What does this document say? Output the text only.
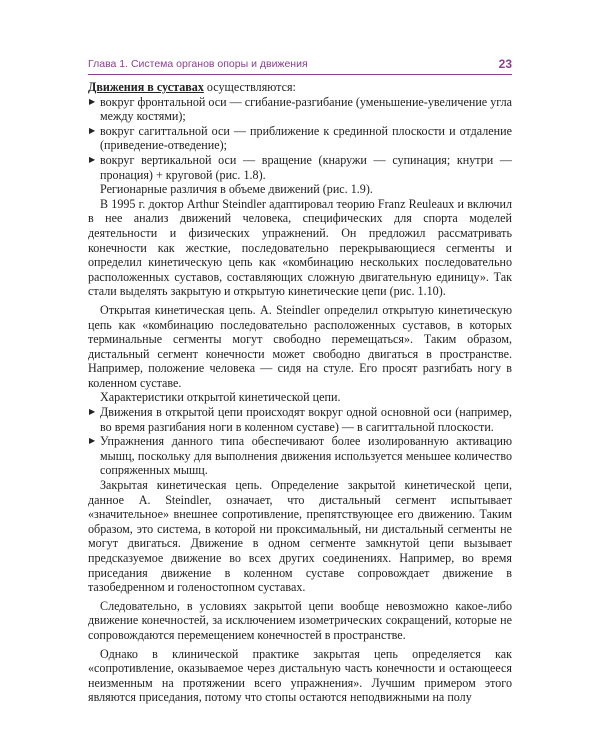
Глава 1. Система органов опоры и движения	23

Движения в суставах осуществляются:

▶ вокруг фронтальной оси — сгибание-разгибание (уменьшение-увеличение угла между костями);
▶ вокруг сагиттальной оси — приближение к срединной плоскости и отдаление (приведение-отведение);
▶ вокруг вертикальной оси — вращение (кнаружи — супинация; кнутри — пронация) + круговой (рис. 1.8).

Регионарные различия в объеме движений (рис. 1.9).

В 1995 г. доктор Arthur Steindler адаптировал теорию Franz Reuleaux и включил в нее анализ движений человека, специфических для спорта моделей деятельности и физических упражнений. Он предложил рассматривать конечности как жесткие, последовательно перекрывающиеся сегменты и определил кинетическую цепь как «комбинацию нескольких последовательно расположенных суставов, составляющих сложную двигательную единицу». Так стали выделять закрытую и открытую кинетические цепи (рис. 1.10).

Открытая кинетическая цепь. A. Steindler определил открытую кинетическую цепь как «комбинацию последовательно расположенных суставов, в которых терминальные сегменты могут свободно перемещаться». Таким образом, дистальный сегмент конечности может свободно двигаться в пространстве. Например, положение человека — сидя на стуле. Его просят разгибать ногу в коленном суставе.

Характеристики открытой кинетической цепи.

▶ Движения в открытой цепи происходят вокруг одной основной оси (например, во время разгибания ноги в коленном суставе) — в сагиттальной плоскости.
▶ Упражнения данного типа обеспечивают более изолированную активацию мышц, поскольку для выполнения движения используется меньшее количество сопряженных мышц.

Закрытая кинетическая цепь. Определение закрытой кинетической цепи, данное A. Steindler, означает, что дистальный сегмент испытывает «значительное» внешнее сопротивление, препятствующее его движению. Таким образом, это система, в которой ни проксимальный, ни дистальный сегменты не могут двигаться. Движение в одном сегменте замкнутой цепи вызывает предсказуемое движение во всех других соединениях. Например, во время приседания движение в коленном суставе сопровождает движение в тазобедренном и голеностопном суставах.

Следовательно, в условиях закрытой цепи вообще невозможно какое-либо движение конечностей, за исключением изометрических сокращений, которые не сопровождаются перемещением конечностей в пространстве.

Однако в клинической практике закрытая цепь определяется как «сопротивление, оказываемое через дистальную часть конечности и остающееся неизменным на протяжении всего упражнения». Лучшим примером этого являются приседания, потому что стопы остаются неподвижными на полу
